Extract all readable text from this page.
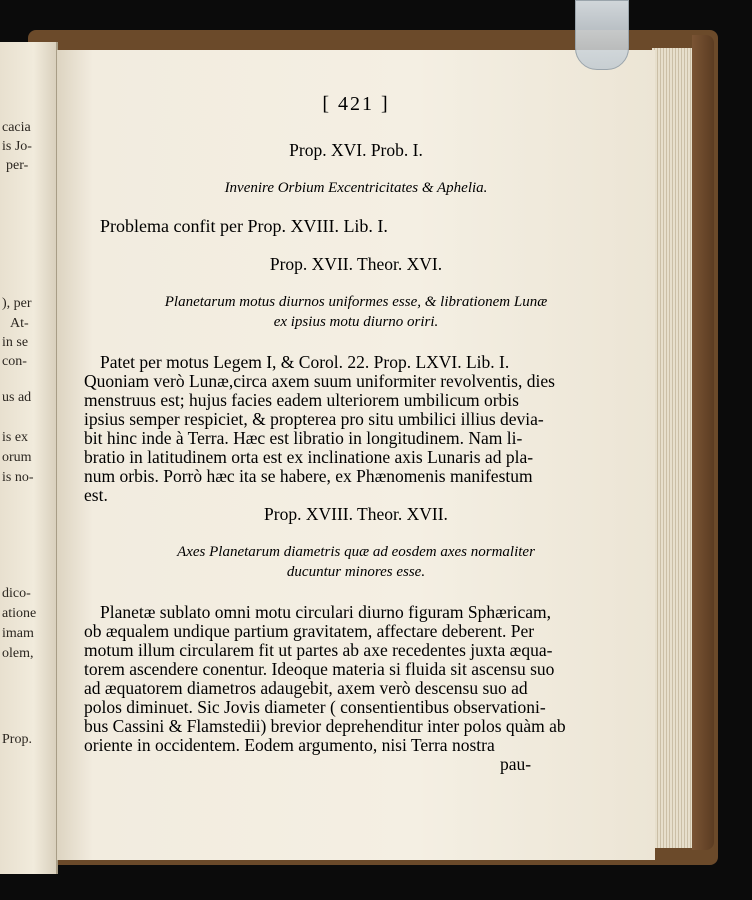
cacia
is Jo-
per-
), per
At-
in se
con-
us ad
is ex
orum
is no-
dico-
atione
imam
olem,
Prop.
[ 421 ]
Prop. XVI. Prob. I.
Invenire Orbium Excentricitates & Aphelia.
Problema confit per Prop. XVIII. Lib. I.
Prop. XVII. Theor. XVI.
Planetarum motus diurnos uniformes esse, & librationem Lunæ
ex ipsius motu diurno oriri.
Patet per motus Legem I, & Corol. 22. Prop. LXVI. Lib. I.
Quoniam verò Lunæ,circa axem suum uniformiter revolventis, dies
menstruus est; hujus facies eadem ulteriorem umbilicum orbis
ipsius semper respiciet, & propterea pro situ umbilici illius devia-
bit hinc inde à Terra. Hæc est libratio in longitudinem. Nam li-
bratio in latitudinem orta est ex inclinatione axis Lunaris ad pla-
num orbis. Porrò hæc ita se habere, ex Phænomenis manifestum
est.
Prop. XVIII. Theor. XVII.
Axes Planetarum diametris quæ ad eosdem axes normaliter
ducuntur minores esse.
Planetæ sublato omni motu circulari diurno figuram Sphæricam,
ob æqualem undique partium gravitatem, affectare deberent. Per
motum illum circularem fit ut partes ab axe recedentes juxta æqua-
torem ascendere conentur. Ideoque materia si fluida sit ascensu suo
ad æquatorem diametros adaugebit, axem verò descensu suo ad
polos diminuet. Sic Jovis diameter ( consentientibus observationi-
bus Cassini & Flamstedii) brevior deprehenditur inter polos quàm ab
oriente in occidentem. Eodem argumento, nisi Terra nostra
pau-
